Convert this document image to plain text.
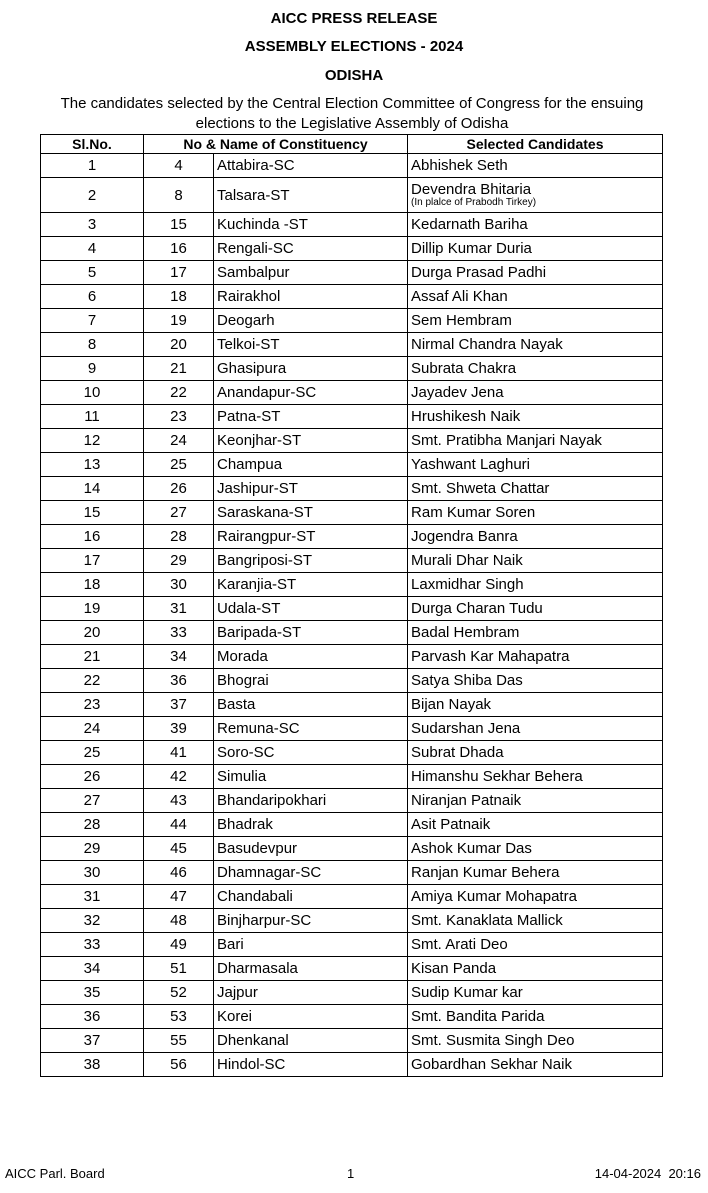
AICC PRESS RELEASE
ASSEMBLY ELECTIONS - 2024
ODISHA
The candidates selected by the Central Election Committee of Congress for the ensuing elections to the Legislative Assembly of Odisha
Sl.No.	No & Name of Constituency		Selected Candidates
1	4	Attabira-SC	Abhishek Seth
2	8	Talsara-ST	Devendra Bhitaria
(In plalce of Prabodh Tirkey)

3	15	Kuchinda -ST	Kedarnath Bariha
4	16	Rengali-SC	Dillip Kumar Duria
5	17	Sambalpur	Durga Prasad Padhi
6	18	Rairakhol	Assaf Ali Khan
7	19	Deogarh	Sem Hembram
8	20	Telkoi-ST	Nirmal Chandra Nayak
9	21	Ghasipura	Subrata Chakra
10	22	Anandapur-SC	Jayadev Jena
11	23	Patna-ST	Hrushikesh Naik
12	24	Keonjhar-ST	Smt. Pratibha Manjari Nayak
13	25	Champua	Yashwant Laghuri
14	26	Jashipur-ST	Smt. Shweta Chattar
15	27	Saraskana-ST	Ram Kumar Soren
16	28	Rairangpur-ST	Jogendra Banra
17	29	Bangriposi-ST	Murali Dhar Naik
18	30	Karanjia-ST	Laxmidhar Singh
19	31	Udala-ST	Durga Charan Tudu
20	33	Baripada-ST	Badal Hembram
21	34	Morada	Parvash Kar Mahapatra
22	36	Bhograi	Satya Shiba Das
23	37	Basta	Bijan Nayak
24	39	Remuna-SC	Sudarshan Jena
25	41	Soro-SC	Subrat Dhada
26	42	Simulia	Himanshu Sekhar Behera
27	43	Bhandaripokhari	Niranjan Patnaik
28	44	Bhadrak	Asit Patnaik
29	45	Basudevpur	Ashok Kumar Das
30	46	Dhamnagar-SC	Ranjan Kumar Behera
31	47	Chandabali	Amiya Kumar Mohapatra
32	48	Binjharpur-SC	Smt. Kanaklata Mallick
33	49	Bari	Smt. Arati Deo
34	51	Dharmasala	Kisan Panda
35	52	Jajpur	Sudip Kumar kar
36	53	Korei	Smt. Bandita Parida
37	55	Dhenkanal	Smt. Susmita Singh Deo
38	56	Hindol-SC	Gobardhan Sekhar Naik
AICC Parl. Board	1	14-04-2024  20:16
